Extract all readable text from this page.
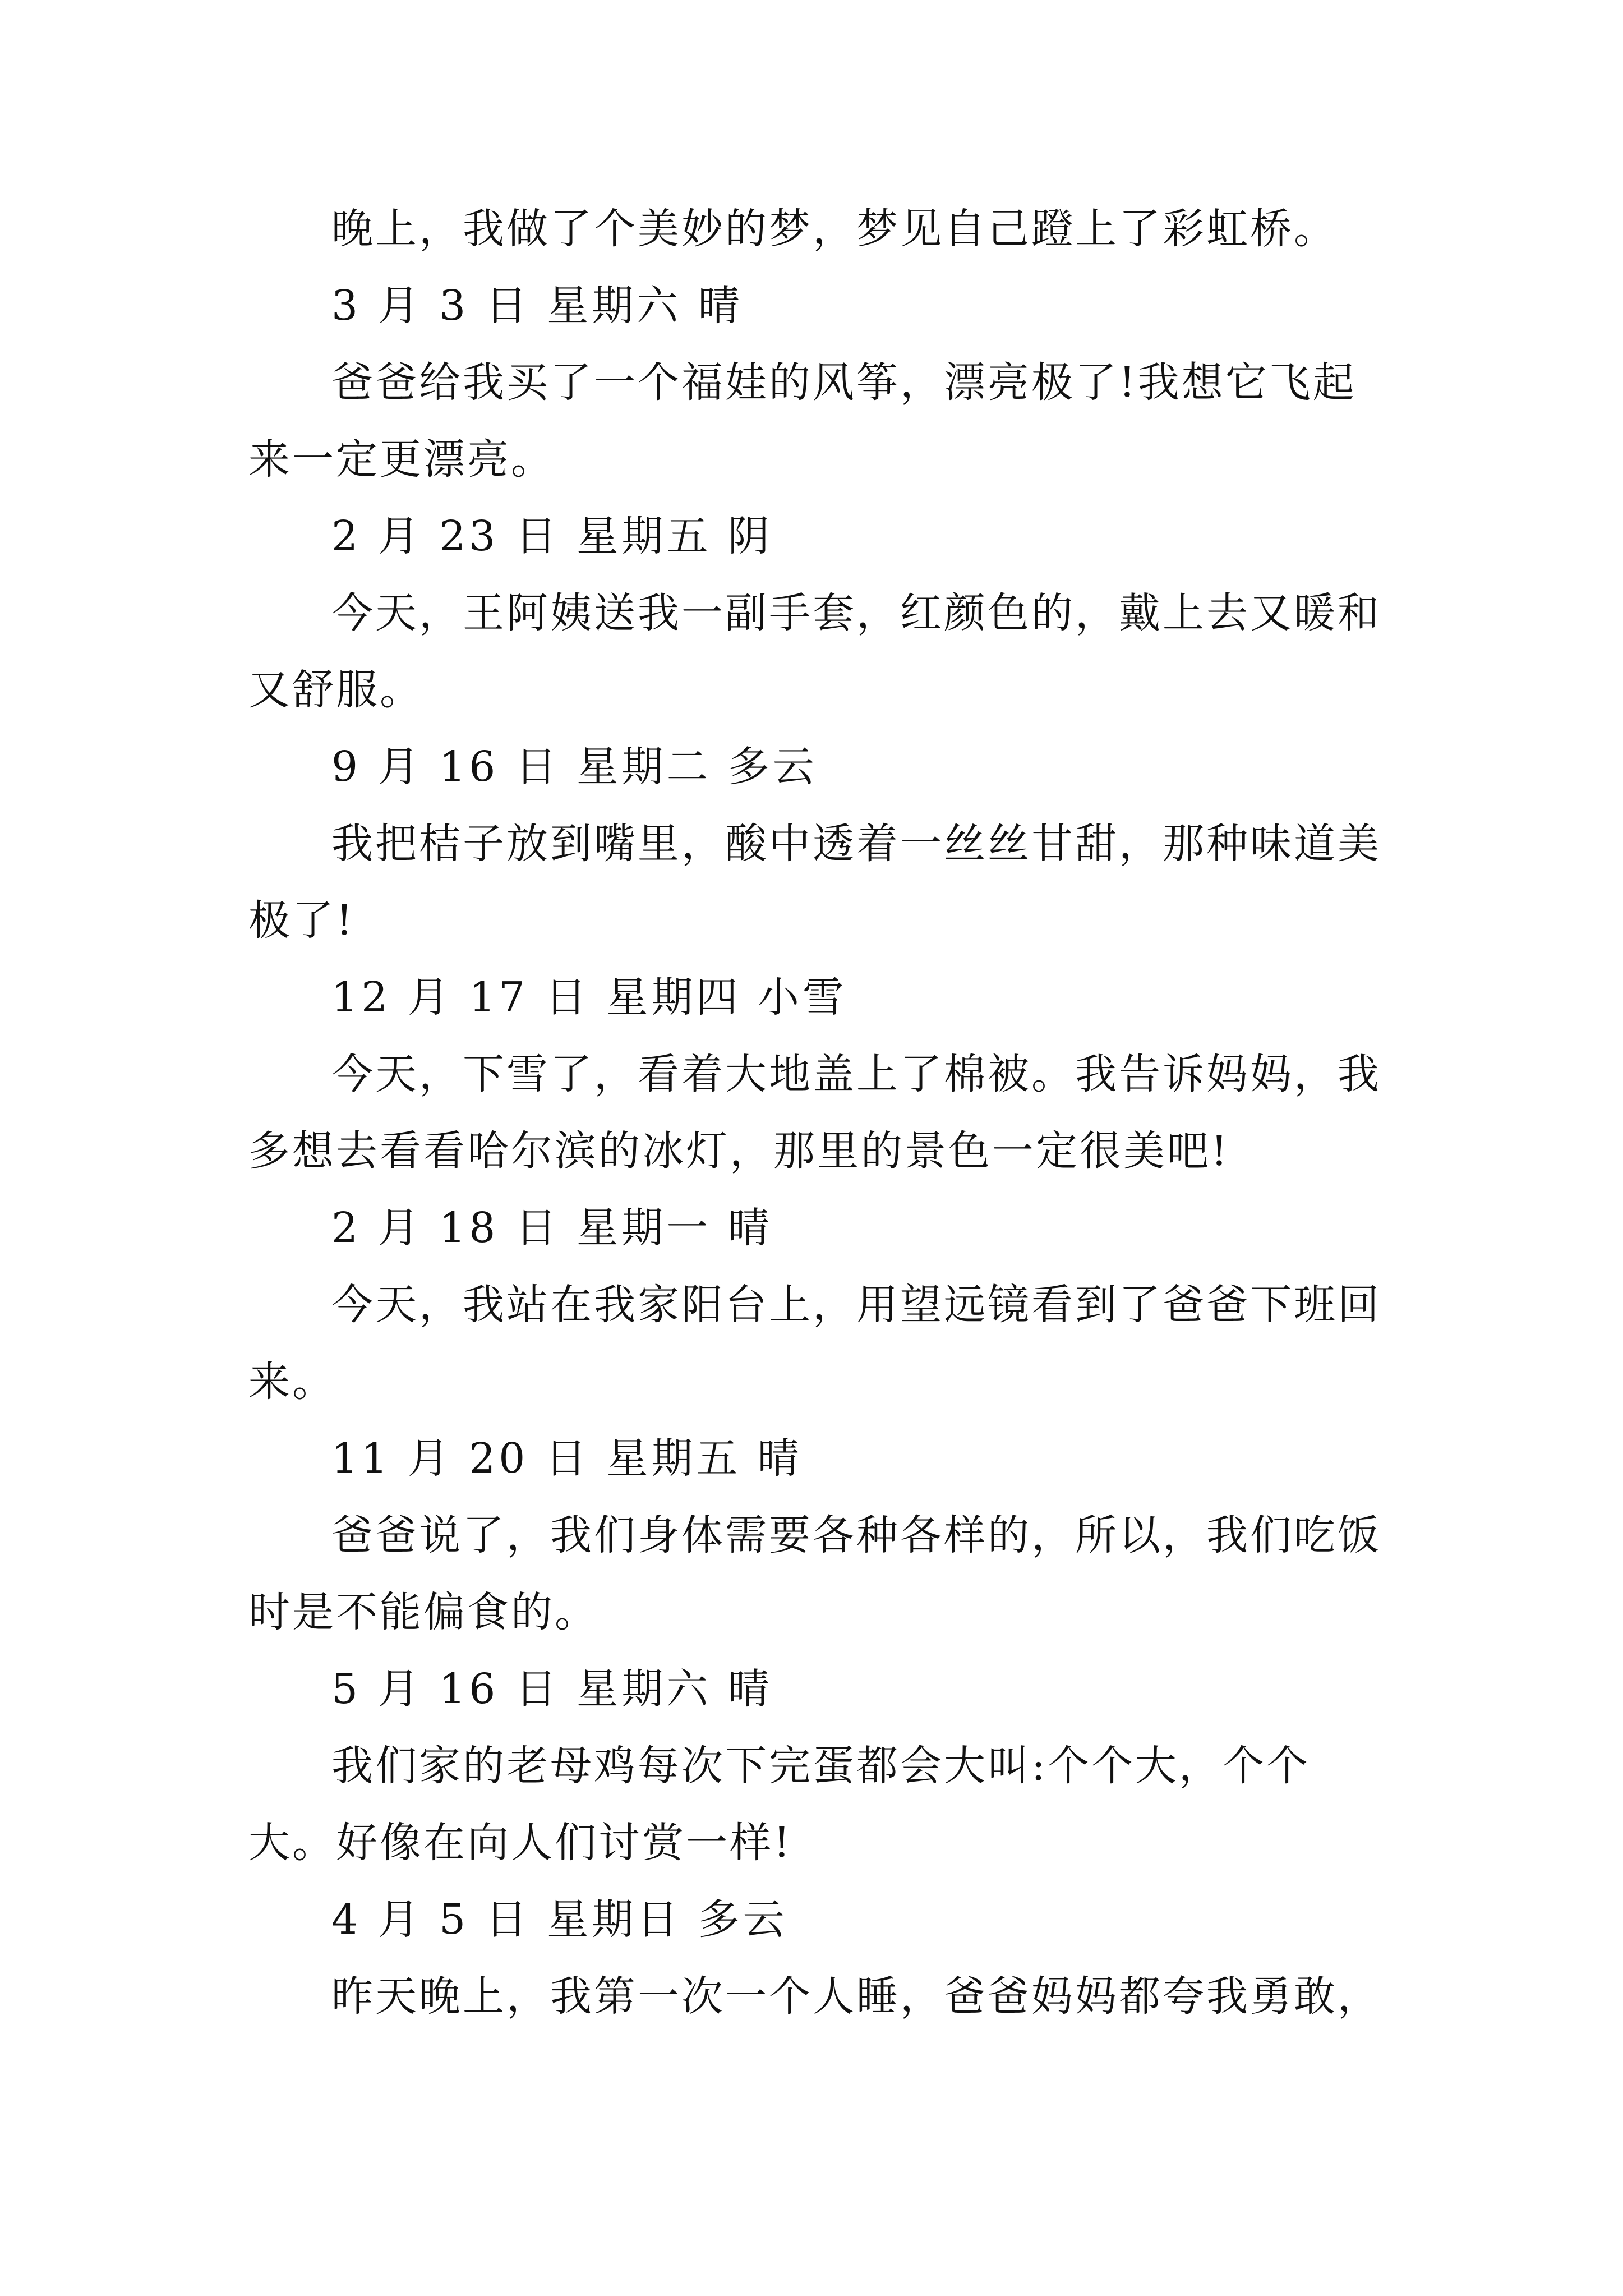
晚上，我做了个美妙的梦，梦见自己蹬上了彩虹桥。

3 月 3 日 星期六 晴

爸爸给我买了一个福娃的风筝，漂亮极了!我想它飞起来一定更漂亮。

2 月 23 日 星期五 阴

今天，王阿姨送我一副手套，红颜色的，戴上去又暖和又舒服。

9 月 16 日 星期二 多云

我把桔子放到嘴里，酸中透着一丝丝甘甜，那种味道美极了!

12 月 17 日 星期四 小雪

今天，下雪了，看着大地盖上了棉被。我告诉妈妈，我多想去看看哈尔滨的冰灯，那里的景色一定很美吧!

2 月 18 日 星期一 晴

今天，我站在我家阳台上，用望远镜看到了爸爸下班回来。

11 月 20 日 星期五 晴

爸爸说了，我们身体需要各种各样的，所以，我们吃饭时是不能偏食的。

5 月 16 日 星期六 晴

我们家的老母鸡每次下完蛋都会大叫:个个大，个个大。好像在向人们讨赏一样!

4 月 5 日 星期日 多云

昨天晚上，我第一次一个人睡，爸爸妈妈都夸我勇敢，
